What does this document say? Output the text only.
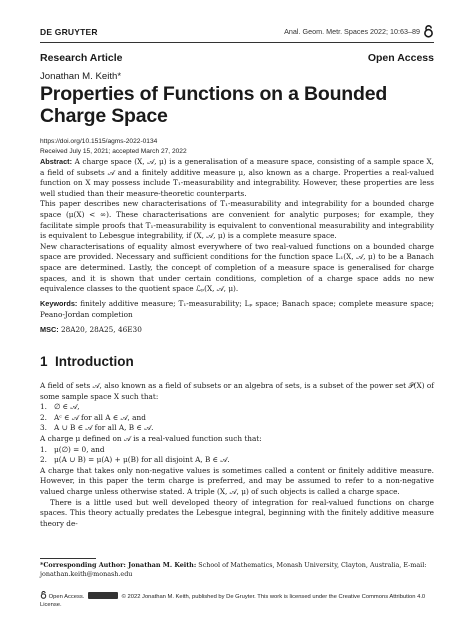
DE GRUYTER	Anal. Geom. Metr. Spaces 2022; 10:63–89
Research Article	Open Access
Jonathan M. Keith*
Properties of Functions on a Bounded Charge Space
https://doi.org/10.1515/agms-2022-0134
Received July 15, 2021; accepted March 27, 2022

Abstract: A charge space (X, 𝒜, μ) is a generalisation of a measure space, consisting of a sample space X, a field of subsets 𝒜 and a finitely additive measure μ, also known as a charge. Properties a real-valued function on X may possess include T₁-measurability and integrability. However, these properties are less well studied than their measure-theoretic counterparts.

This paper describes new characterisations of T₁-measurability and integrability for a bounded charge space (μ(X) < ∞). These characterisations are convenient for analytic purposes; for example, they facilitate simple proofs that T₁-measurability is equivalent to conventional measurability and integrability is equivalent to Lebesgue integrability, if (X, 𝒜, μ) is a complete measure space.

New characterisations of equality almost everywhere of two real-valued functions on a bounded charge space are provided. Necessary and sufficient conditions for the function space L₁(X, 𝒜, μ) to be a Banach space are determined. Lastly, the concept of completion of a measure space is generalised for charge spaces, and it is shown that under certain conditions, completion of a charge space adds no new equivalence classes to the quotient space ℒₚ(X, 𝒜, μ).

Keywords: finitely additive measure; T₁-measurability; Lₚ space; Banach space; complete measure space; Peano-Jordan completion
MSC: 28A20, 28A25, 46E30
1 Introduction

A field of sets 𝒜, also known as a field of subsets or an algebra of sets, is a subset of the power set 𝒫(X) of some sample space X such that:

1. ∅ ∈ 𝒜,
2. Aᶜ ∈ 𝒜 for all A ∈ 𝒜, and
3. A ∪ B ∈ 𝒜 for all A, B ∈ 𝒜.

A charge μ defined on 𝒜 is a real-valued function such that:

1. μ(∅) = 0, and
2. μ(A ∪ B) = μ(A) + μ(B) for all disjoint A, B ∈ 𝒜.

A charge that takes only non-negative values is sometimes called a content or finitely additive measure. However, in this paper the term charge is preferred, and may be assumed to refer to a non-negative valued charge unless otherwise stated. A triple (X, 𝒜, μ) of such objects is called a charge space.

There is a little used but well developed theory of integration for real-valued functions on charge spaces. This theory actually predates the Lebesgue integral, beginning with the finitely additive measure theory de-

*Corresponding Author: Jonathan M. Keith: School of Mathematics, Monash University, Clayton, Australia, E-mail: jonathan.keith@monash.edu
Open Access.	© 2022 Jonathan M. Keith, published by De Gruyter. This work is licensed under the Creative Commons Attribution 4.0 License.
